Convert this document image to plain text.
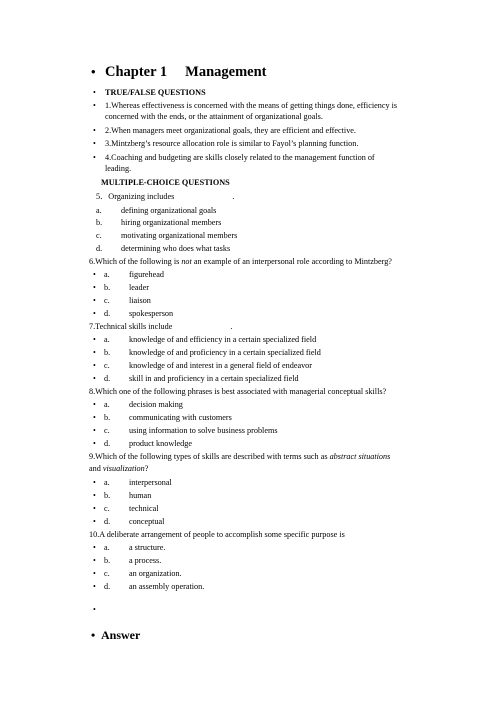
• Chapter 1 Management
• TRUE/FALSE QUESTIONS
• 1.Whereas effectiveness is concerned with the means of getting things done, efficiency is
concerned with the ends, or the attainment of organizational goals.
• 2.When managers meet organizational goals, they are efficient and effective.
• 3.Mintzberg’s resource allocation role is similar to Fayol’s planning function.
• 4.Coaching and budgeting are skills closely related to the management function of
leading.
MULTIPLE-CHOICE QUESTIONS
5．Organizing includes	.
a. defining organizational goals
b. hiring organizational members
c. motivating organizational members
d. determining who does what tasks
6.Which of the following is not an example of an interpersonal role according to Mintzberg?
• a. figurehead
• b. leader
• c. liaison
• d. spokesperson
7.Technical skills include	.
• a. knowledge of and efficiency in a certain specialized field
• b. knowledge of and proficiency in a certain specialized field
• c. knowledge of and interest in a general field of endeavor
• d. skill in and proficiency in a certain specialized field
8.Which one of the following phrases is best associated with managerial conceptual skills?
• a. decision making
• b. communicating with customers
• c. using information to solve business problems
• d. product knowledge
9.Which of the following types of skills are described with terms such as abstract situations
and visualization?
• a. interpersonal
• b. human
• c. technical
• d. conceptual
10.A deliberate arrangement of people to accomplish some specific purpose is
• a. a structure.
• b. a process.
• c. an organization.
• d. an assembly operation.
•
• Answer
